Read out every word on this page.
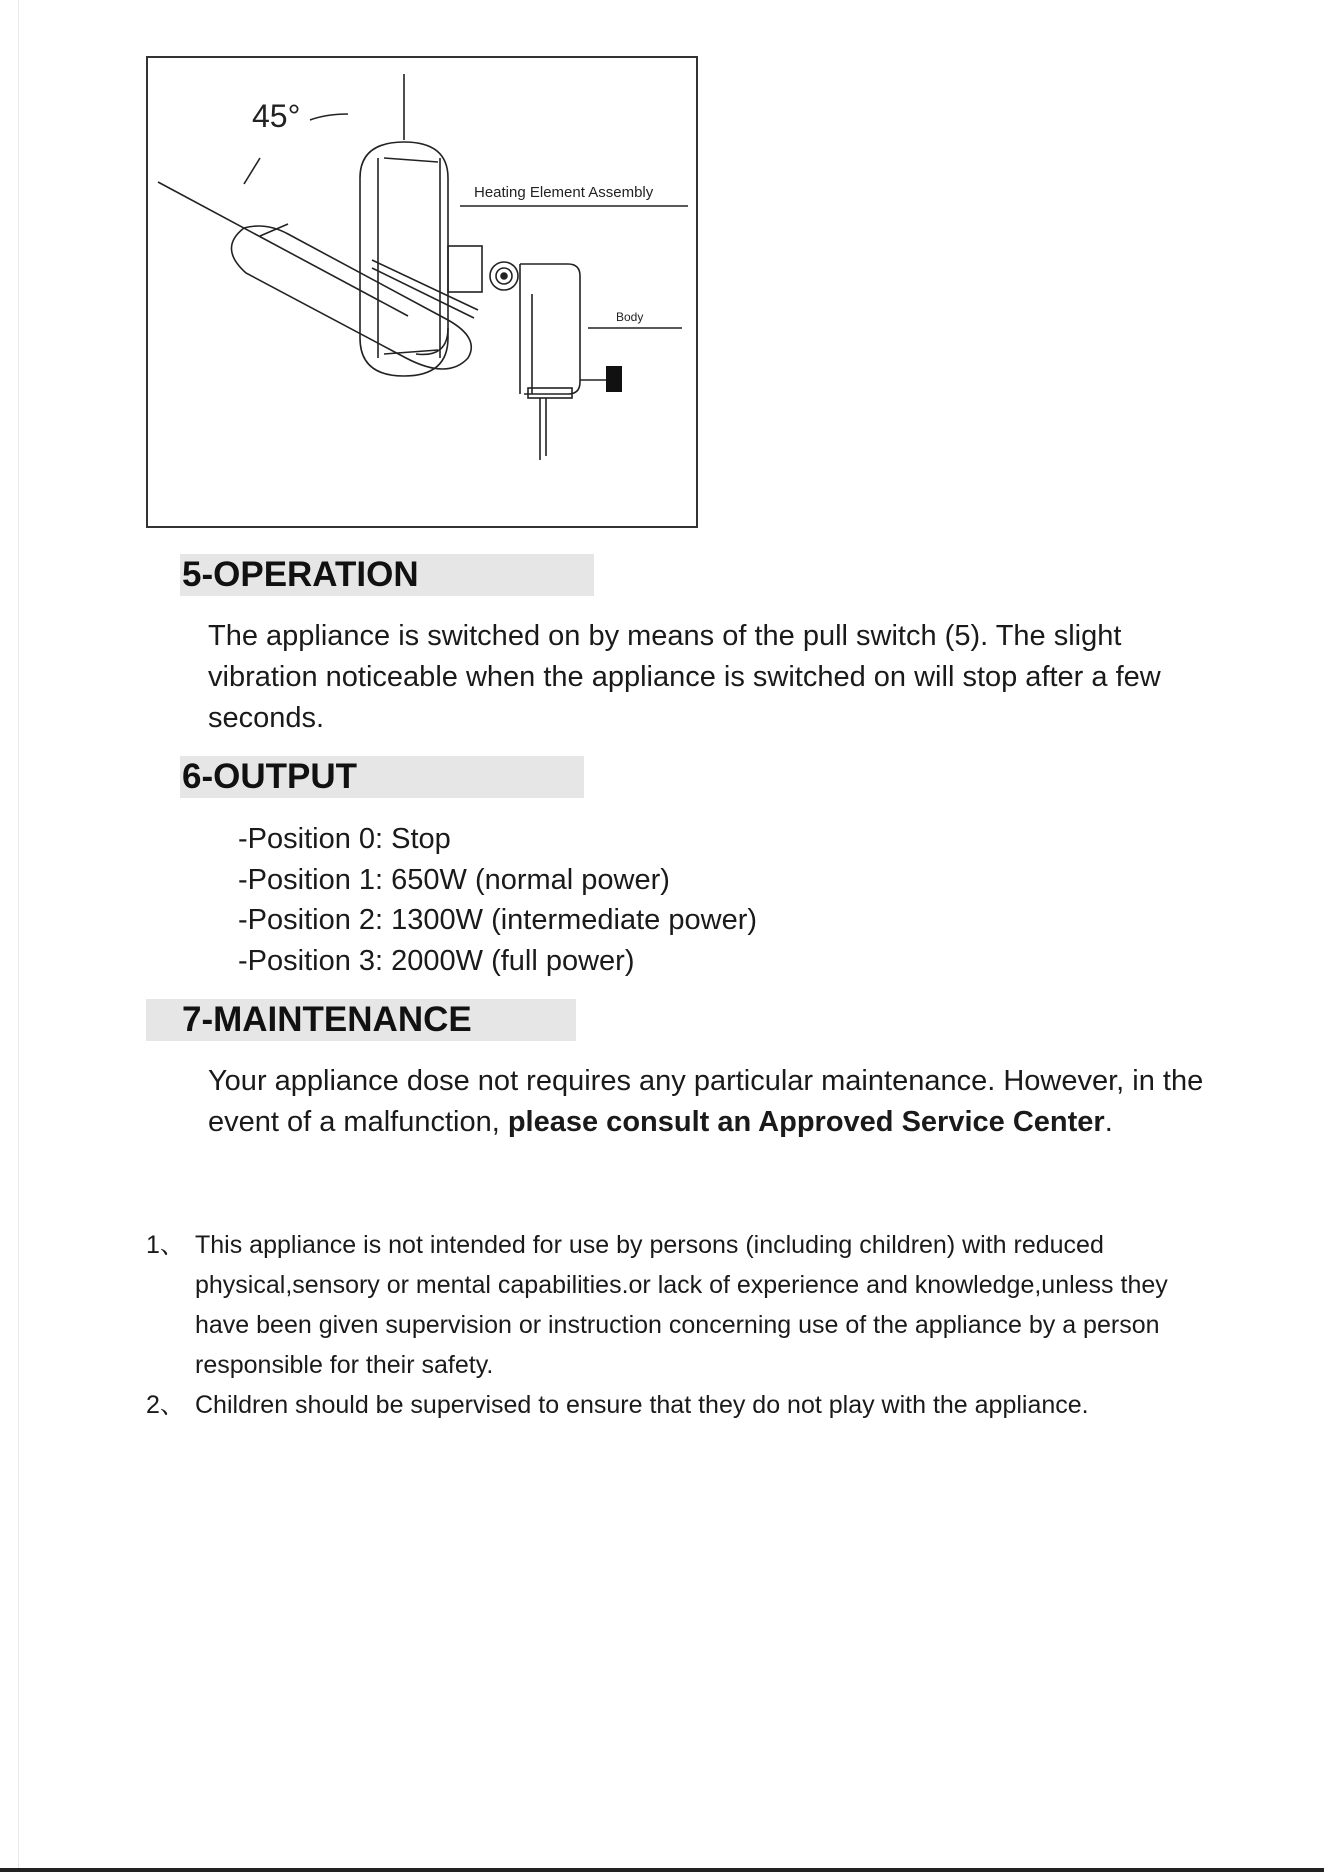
45°
Heating Element Assembly
Body
5-OPERATION
The appliance is switched on by means of the pull switch (5). The slight vibration noticeable when the appliance is switched on will stop after a few seconds.
6-OUTPUT
-Position 0: Stop
-Position 1: 650W (normal power)
-Position 2: 1300W (intermediate power)
-Position 3: 2000W (full power)
7-MAINTENANCE
Your appliance dose not requires any particular maintenance. However, in the event of a malfunction, please consult an Approved Service Center.
1、 This appliance is not intended for use by persons (including children) with reduced physical,sensory or mental capabilities.or lack of experience and knowledge,unless they have been given supervision or instruction concerning use of the appliance by a person responsible for their safety.
2、 Children should be supervised to ensure that they do not play with the appliance.
